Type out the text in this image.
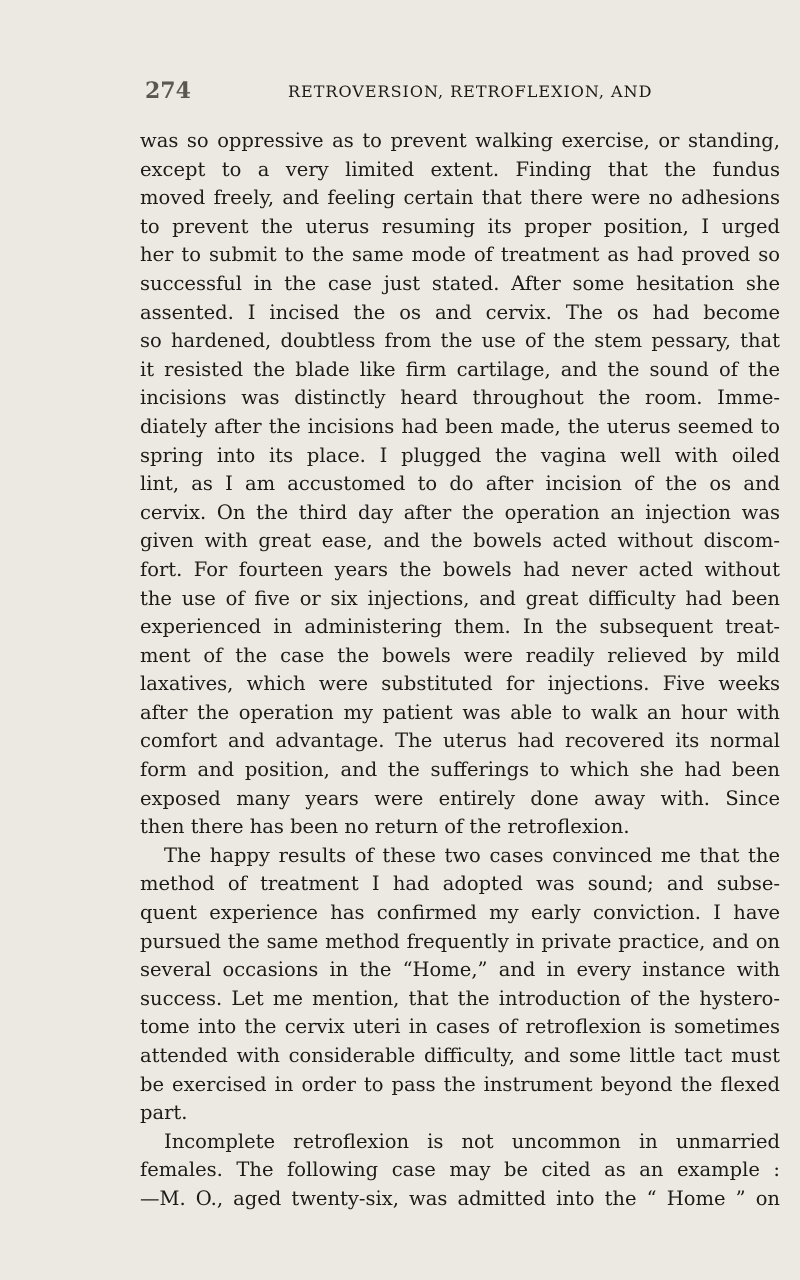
274	RETROVERSION, RETROFLEXION, AND
was so oppressive as to prevent walking exercise, or standing,
except to a very limited extent. Finding that the fundus
moved freely, and feeling certain that there were no adhesions
to prevent the uterus resuming its proper position, I urged
her to submit to the same mode of treatment as had proved so
successful in the case just stated. After some hesitation she
assented. I incised the os and cervix. The os had become
so hardened, doubtless from the use of the stem pessary, that
it resisted the blade like firm cartilage, and the sound of the
incisions was distinctly heard throughout the room. Imme-
diately after the incisions had been made, the uterus seemed to
spring into its place. I plugged the vagina well with oiled
lint, as I am accustomed to do after incision of the os and
cervix. On the third day after the operation an injection was
given with great ease, and the bowels acted without discom-
fort. For fourteen years the bowels had never acted without
the use of five or six injections, and great difficulty had been
experienced in administering them. In the subsequent treat-
ment of the case the bowels were readily relieved by mild
laxatives, which were substituted for injections. Five weeks
after the operation my patient was able to walk an hour with
comfort and advantage. The uterus had recovered its normal
form and position, and the sufferings to which she had been
exposed many years were entirely done away with. Since
then there has been no return of the retroflexion.
The happy results of these two cases convinced me that the
method of treatment I had adopted was sound; and subse-
quent experience has confirmed my early conviction. I have
pursued the same method frequently in private practice, and on
several occasions in the “Home,” and in every instance with
success. Let me mention, that the introduction of the hystero-
tome into the cervix uteri in cases of retroflexion is sometimes
attended with considerable difficulty, and some little tact must
be exercised in order to pass the instrument beyond the flexed
part.
Incomplete retroflexion is not uncommon in unmarried
females. The following case may be cited as an example :
—M. O., aged twenty-six, was admitted into the “ Home ” on
